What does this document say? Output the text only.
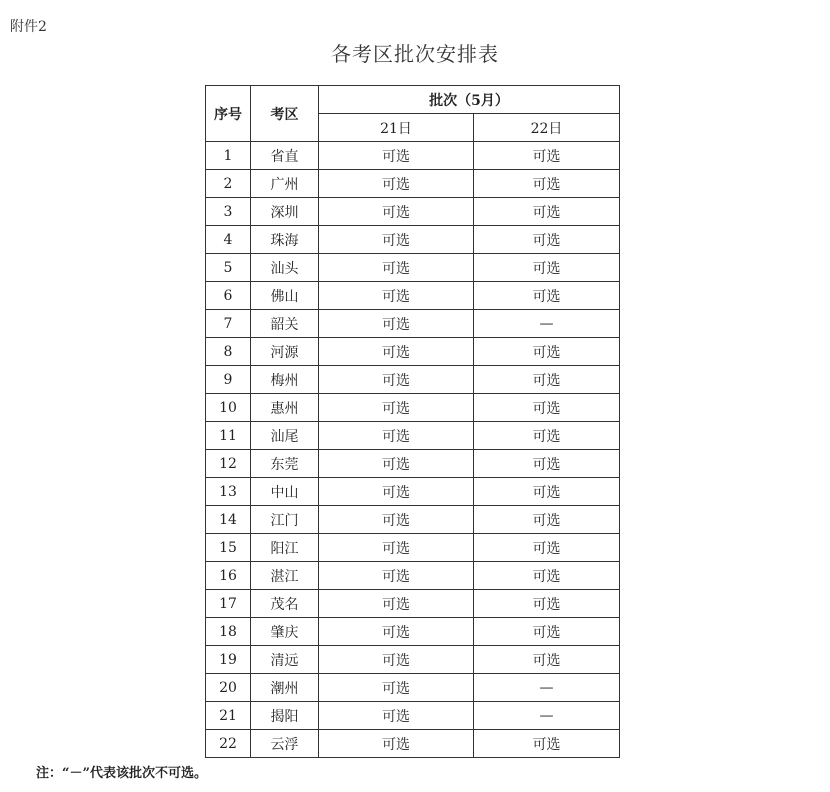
附件2
各考区批次安排表
序号	考区	批次（5月）	
		21日	22日
1	省直	可选	可选
2	广州	可选	可选
3	深圳	可选	可选
4	珠海	可选	可选
5	汕头	可选	可选
6	佛山	可选	可选
7	韶关	可选	—
8	河源	可选	可选
9	梅州	可选	可选
10	惠州	可选	可选
11	汕尾	可选	可选
12	东莞	可选	可选
13	中山	可选	可选
14	江门	可选	可选
15	阳江	可选	可选
16	湛江	可选	可选
17	茂名	可选	可选
18	肇庆	可选	可选
19	清远	可选	可选
20	潮州	可选	—
21	揭阳	可选	—
22	云浮	可选	可选
注：“－”代表该批次不可选。
